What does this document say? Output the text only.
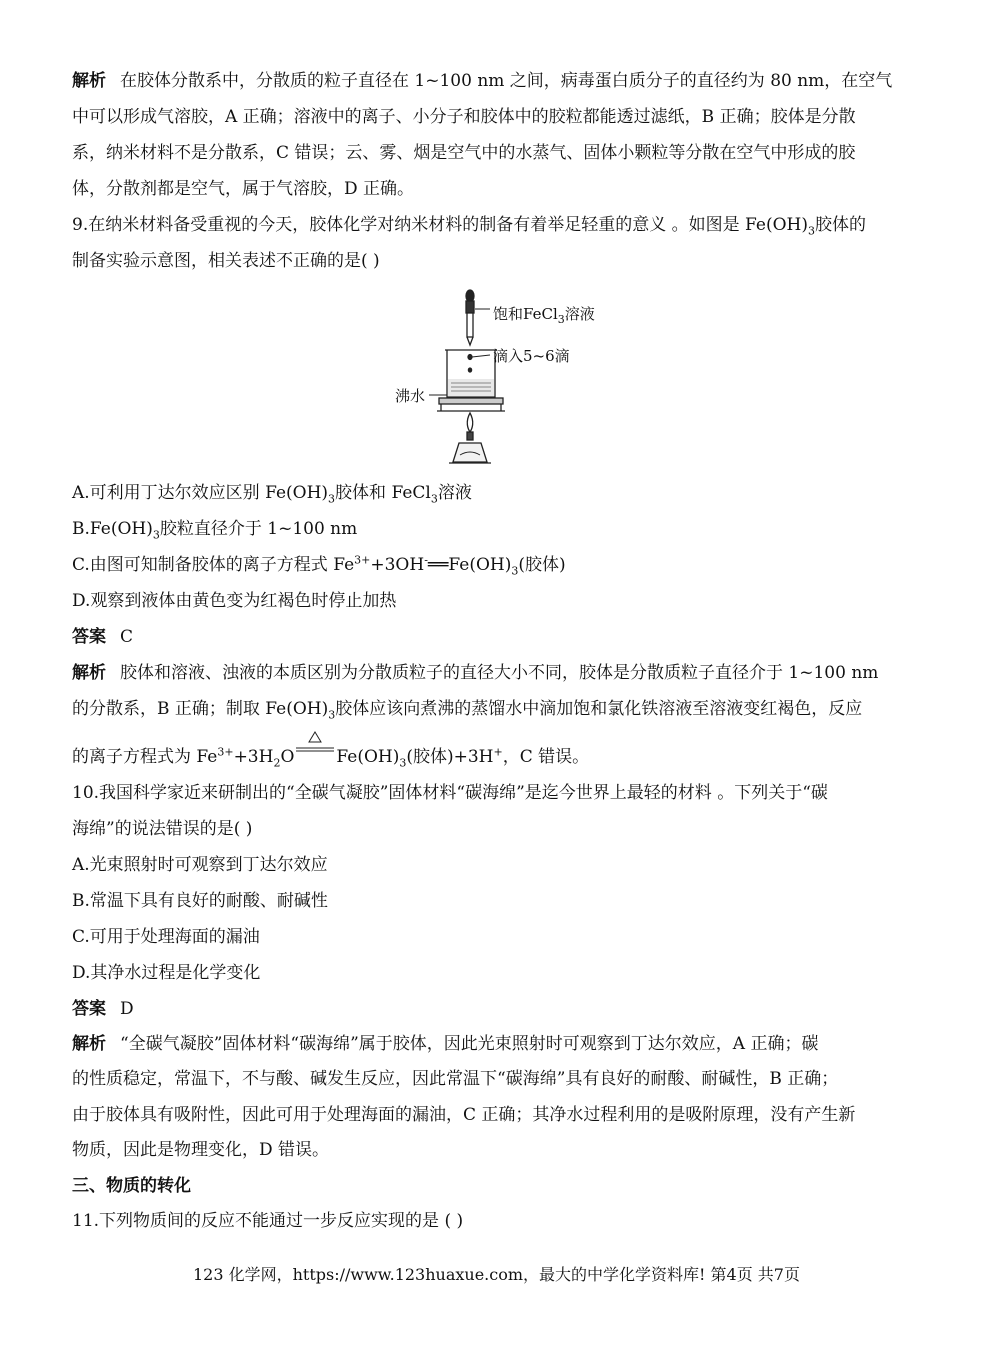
解析 在胶体分散系中，分散质的粒子直径在 1~100 nm 之间，病毒蛋白质分子的直径约为 80 nm，在空气
中可以形成气溶胶，A 正确；溶液中的离子、小分子和胶体中的胶粒都能透过滤纸，B 正确；胶体是分散
系，纳米材料不是分散系，C 错误；云、雾、烟是空气中的水蒸气、固体小颗粒等分散在空气中形成的胶
体，分散剂都是空气，属于气溶胶，D 正确。
9.在纳米材料备受重视的今天，胶体化学对纳米材料的制备有着举足轻重的意义 。如图是 $Fe(OH)_3$胶体的
制备实验示意图，相关表述不正确的是( )
饱和FeCl$_3$溶液
滴入5~6滴
沸水
A.可利用丁达尔效应区别 $Fe(OH)_3$胶体和 FeCl$_3$溶液
$B.Fe(OH)_3$胶粒直径介于 1~100 nm
C.由图可知制备胶体的离子方程式 $Fe^{3+}+3OH^-══Fe(OH)_3$(胶体)
D.观察到液体由黄色变为红褐色时停止加热
答案 C
解析 胶体和溶液、浊液的本质区别为分散质粒子的直径大小不同，胶体是分散质粒子直径介于 1~100 nm
的分散系，B 正确；制取 $Fe(OH)_3$胶体应该向煮沸的蒸馏水中滴加饱和氯化铁溶液至溶液变红褐色，反应
的离子方程式为 $Fe^{3+}+3H_2O$ $Fe(OH)_3$(胶体)+3H+，C 错误。
10.我国科学家近来研制出的“全碳气凝胶”固体材料“碳海绵”是迄今世界上最轻的材料 。下列关于“碳
海绵”的说法错误的是( )
A.光束照射时可观察到丁达尔效应
B.常温下具有良好的耐酸、耐碱性
C.可用于处理海面的漏油
D.其净水过程是化学变化
答案 D
解析 “全碳气凝胶”固体材料“碳海绵”属于胶体，因此光束照射时可观察到丁达尔效应，A 正确；碳
的性质稳定，常温下，不与酸、碱发生反应，因此常温下“碳海绵”具有良好的耐酸、耐碱性，B 正确；
由于胶体具有吸附性，因此可用于处理海面的漏油，C 正确；其净水过程利用的是吸附原理，没有产生新
物质，因此是物理变化，D 错误。
三、物质的转化
11.下列物质间的反应不能通过一步反应实现的是 ( )
123 化学网，https://www.123huaxue.com，最大的中学化学资料库! 第4页 共7页
